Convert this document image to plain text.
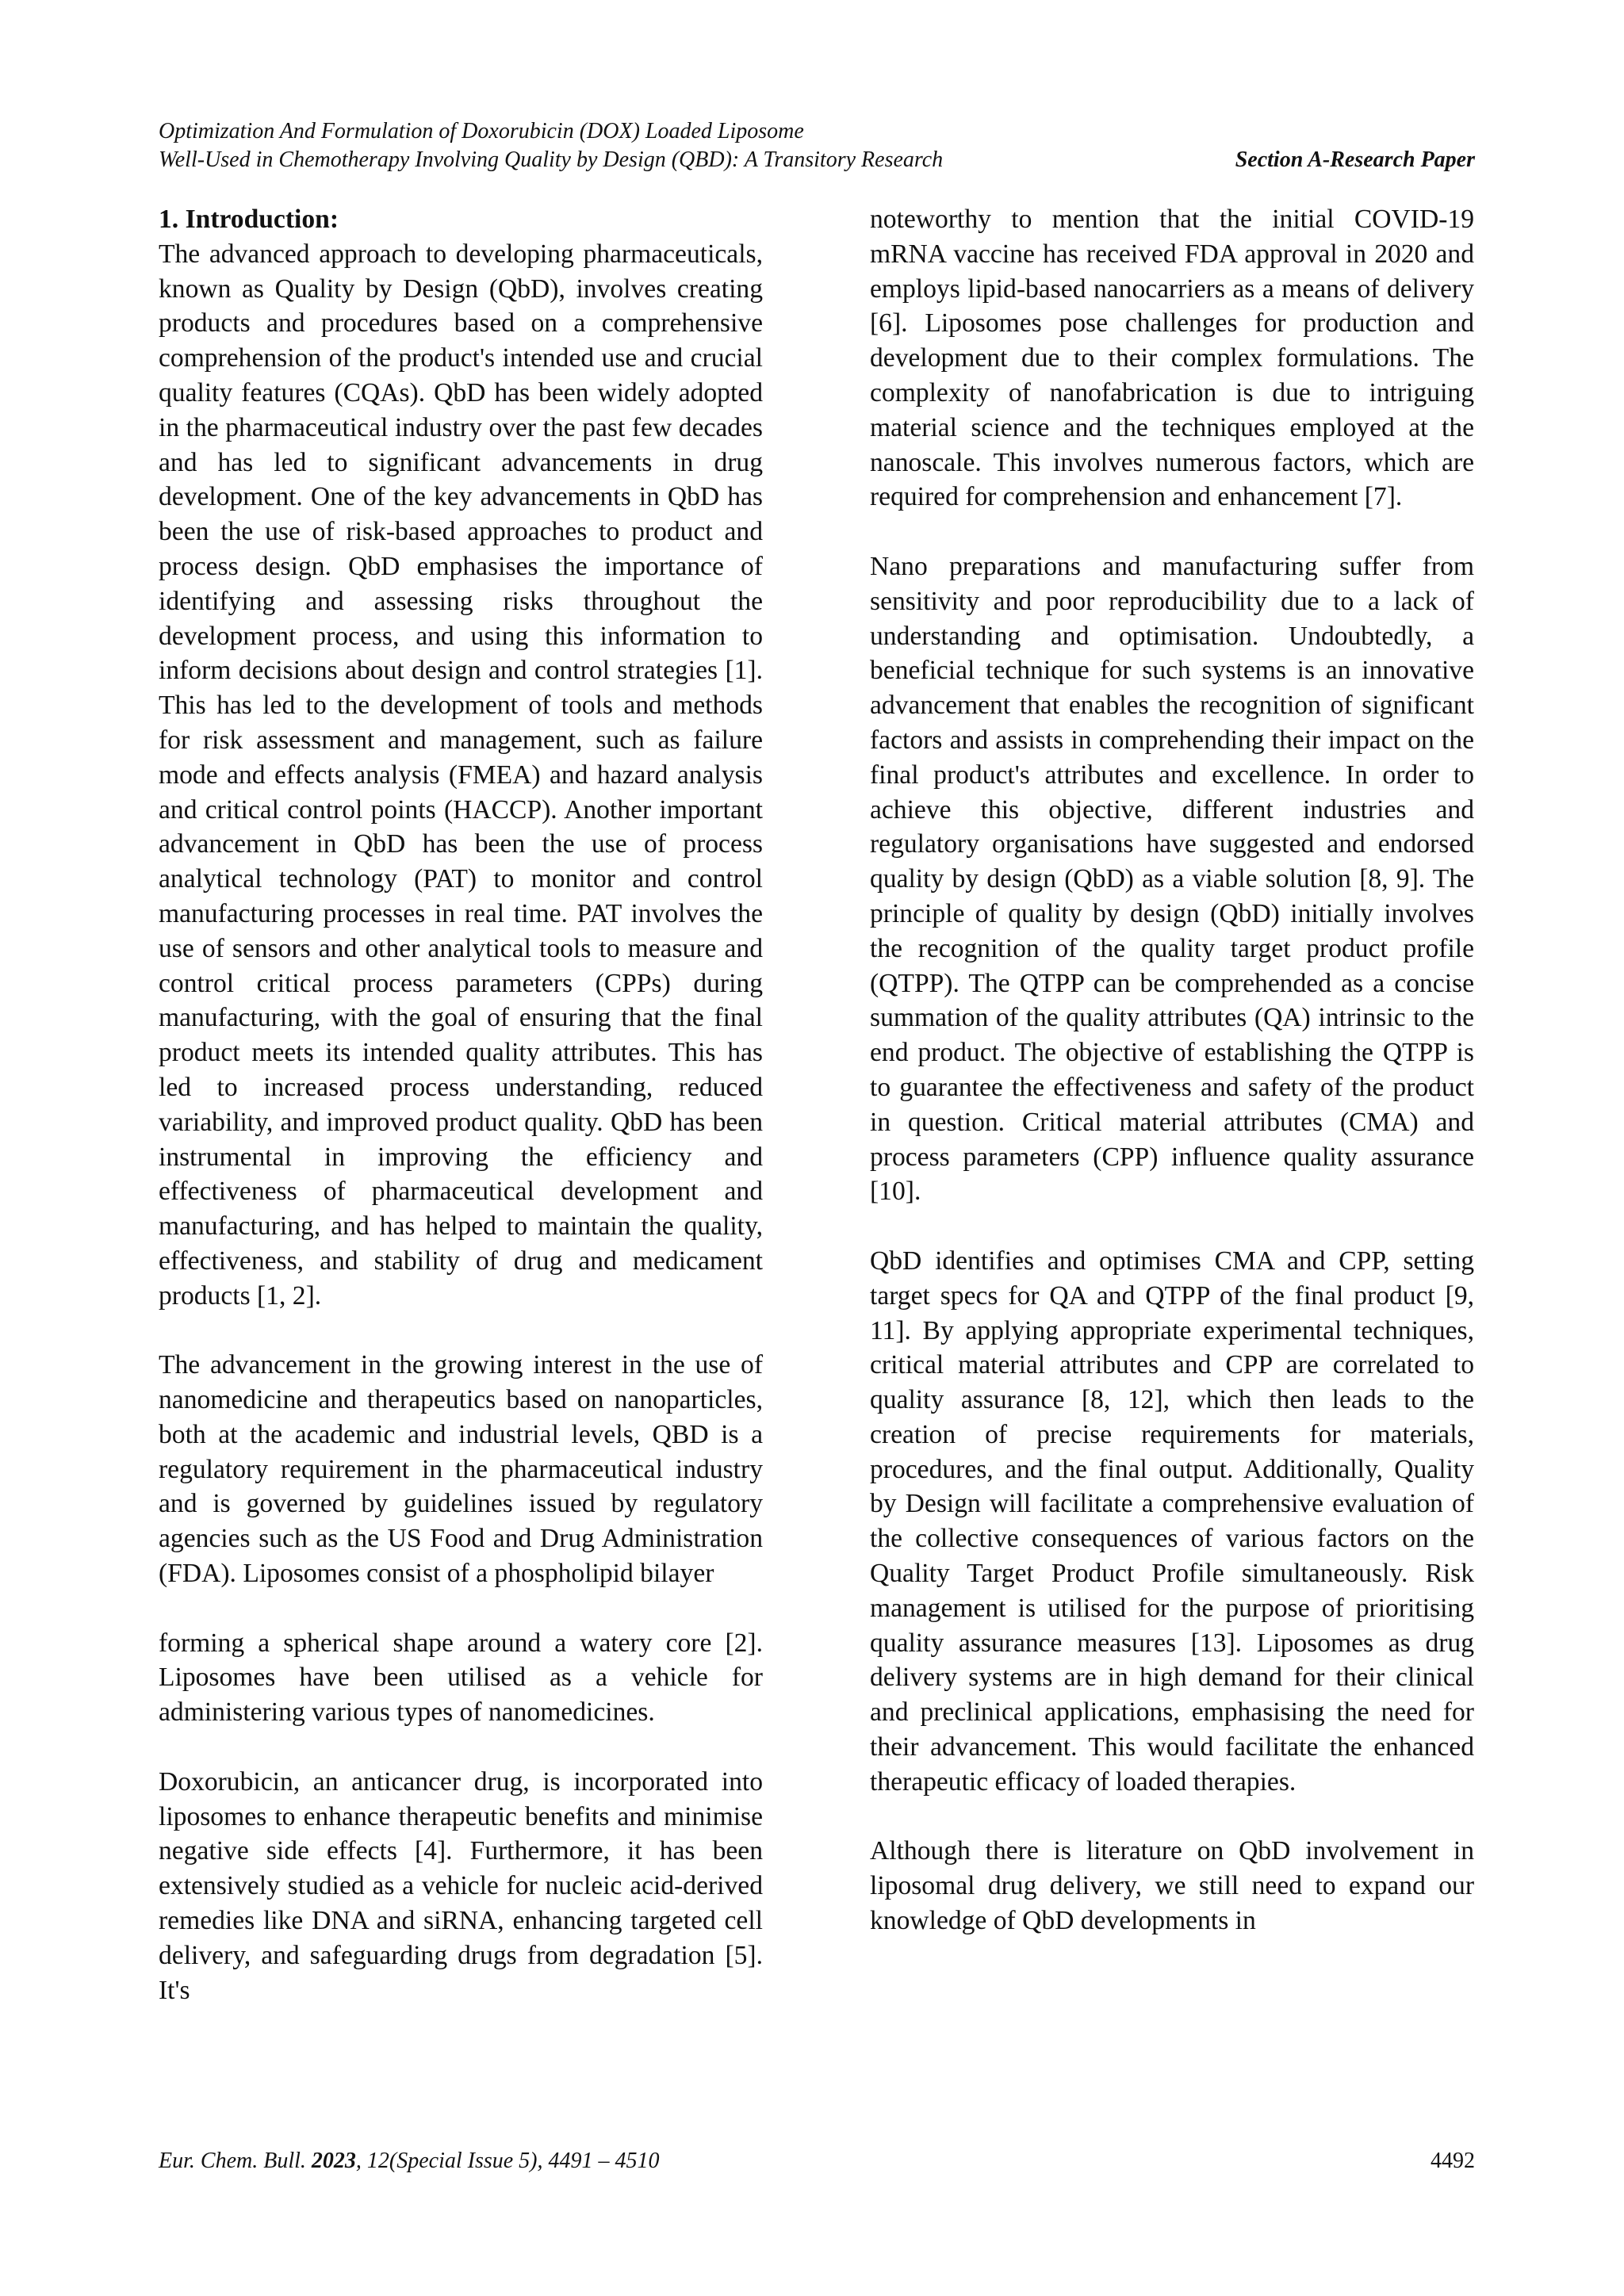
Optimization And Formulation of Doxorubicin (DOX) Loaded Liposome
Well-Used in Chemotherapy Involving Quality by Design (QBD): A Transitory Research	Section A-Research Paper
1. Introduction:

The advanced approach to developing pharmaceuticals, known as Quality by Design (QbD), involves creating products and procedures based on a comprehensive comprehension of the product's intended use and crucial quality features (CQAs). QbD has been widely adopted in the pharmaceutical industry over the past few decades and has led to significant advancements in drug development. One of the key advancements in QbD has been the use of risk-based approaches to product and process design. QbD emphasises the importance of identifying and assessing risks throughout the development process, and using this information to inform decisions about design and control strategies [1]. This has led to the development of tools and methods for risk assessment and management, such as failure mode and effects analysis (FMEA) and hazard analysis and critical control points (HACCP). Another important advancement in QbD has been the use of process analytical technology (PAT) to monitor and control manufacturing processes in real time. PAT involves the use of sensors and other analytical tools to measure and control critical process parameters (CPPs) during manufacturing, with the goal of ensuring that the final product meets its intended quality attributes. This has led to increased process understanding, reduced variability, and improved product quality. QbD has been instrumental in improving the efficiency and effectiveness of pharmaceutical development and manufacturing, and has helped to maintain the quality, effectiveness, and stability of drug and medicament products [1, 2].

The advancement in the growing interest in the use of nanomedicine and therapeutics based on nanoparticles, both at the academic and industrial levels, QBD is a regulatory requirement in the pharmaceutical industry and is governed by guidelines issued by regulatory agencies such as the US Food and Drug Administration (FDA). Liposomes consist of a phospholipid bilayer

forming a spherical shape around a watery core [2]. Liposomes have been utilised as a vehicle for administering various types of nanomedicines.

Doxorubicin, an anticancer drug, is incorporated into liposomes to enhance therapeutic benefits and minimise negative side effects [4]. Furthermore, it has been extensively studied as a vehicle for nucleic acid-derived remedies like DNA and siRNA, enhancing targeted cell delivery, and safeguarding drugs from degradation [5]. It's

noteworthy to mention that the initial COVID-19 mRNA vaccine has received FDA approval in 2020 and employs lipid-based nanocarriers as a means of delivery [6]. Liposomes pose challenges for production and development due to their complex formulations. The complexity of nanofabrication is due to intriguing material science and the techniques employed at the nanoscale. This involves numerous factors, which are required for comprehension and enhancement [7].

Nano preparations and manufacturing suffer from sensitivity and poor reproducibility due to a lack of understanding and optimisation. Undoubtedly, a beneficial technique for such systems is an innovative advancement that enables the recognition of significant factors and assists in comprehending their impact on the final product's attributes and excellence. In order to achieve this objective, different industries and regulatory organisations have suggested and endorsed quality by design (QbD) as a viable solution [8, 9]. The principle of quality by design (QbD) initially involves the recognition of the quality target product profile (QTPP). The QTPP can be comprehended as a concise summation of the quality attributes (QA) intrinsic to the end product. The objective of establishing the QTPP is to guarantee the effectiveness and safety of the product in question. Critical material attributes (CMA) and process parameters (CPP) influence quality assurance [10].

QbD identifies and optimises CMA and CPP, setting target specs for QA and QTPP of the final product [9, 11]. By applying appropriate experimental techniques, critical material attributes and CPP are correlated to quality assurance [8, 12], which then leads to the creation of precise requirements for materials, procedures, and the final output. Additionally, Quality by Design will facilitate a comprehensive evaluation of the collective consequences of various factors on the Quality Target Product Profile simultaneously. Risk management is utilised for the purpose of prioritising quality assurance measures [13]. Liposomes as drug delivery systems are in high demand for their clinical and preclinical applications, emphasising the need for their advancement. This would facilitate the enhanced therapeutic efficacy of loaded therapies.

Although there is literature on QbD involvement in liposomal drug delivery, we still need to expand our knowledge of QbD developments in

Eur. Chem. Bull. 2023, 12(Special Issue 5), 4491 – 4510	4492
